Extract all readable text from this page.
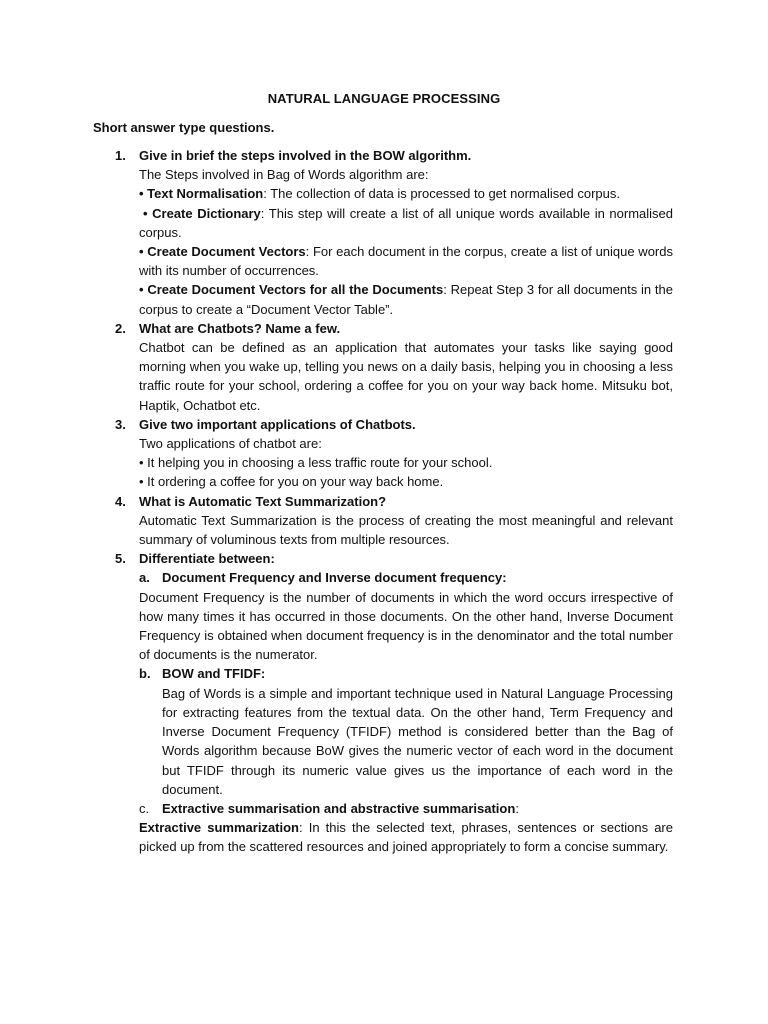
NATURAL LANGUAGE PROCESSING
Short answer type questions.
1. Give in brief the steps involved in the BOW algorithm.
The Steps involved in Bag of Words algorithm are:
• Text Normalisation: The collection of data is processed to get normalised corpus.
• Create Dictionary: This step will create a list of all unique words available in normalised corpus.
• Create Document Vectors: For each document in the corpus, create a list of unique words with its number of occurrences.
• Create Document Vectors for all the Documents: Repeat Step 3 for all documents in the corpus to create a “Document Vector Table”.
2. What are Chatbots? Name a few.
Chatbot can be defined as an application that automates your tasks like saying good morning when you wake up, telling you news on a daily basis, helping you in choosing a less traffic route for your school, ordering a coffee for you on your way back home. Mitsuku bot, Haptik, Ochatbot etc.
3. Give two important applications of Chatbots.
Two applications of chatbot are:
• It helping you in choosing a less traffic route for your school.
• It ordering a coffee for you on your way back home.
4. What is Automatic Text Summarization?
Automatic Text Summarization is the process of creating the most meaningful and relevant summary of voluminous texts from multiple resources.
5. Differentiate between:
a. Document Frequency and Inverse document frequency:
Document Frequency is the number of documents in which the word occurs irrespective of how many times it has occurred in those documents. On the other hand, Inverse Document Frequency is obtained when document frequency is in the denominator and the total number of documents is the numerator.
b. BOW and TFIDF:
Bag of Words is a simple and important technique used in Natural Language Processing for extracting features from the textual data. On the other hand, Term Frequency and Inverse Document Frequency (TFIDF) method is considered better than the Bag of Words algorithm because BoW gives the numeric vector of each word in the document but TFIDF through its numeric value gives us the importance of each word in the document.
c. Extractive summarisation and abstractive summarisation:
Extractive summarization: In this the selected text, phrases, sentences or sections are picked up from the scattered resources and joined appropriately to form a concise summary.
